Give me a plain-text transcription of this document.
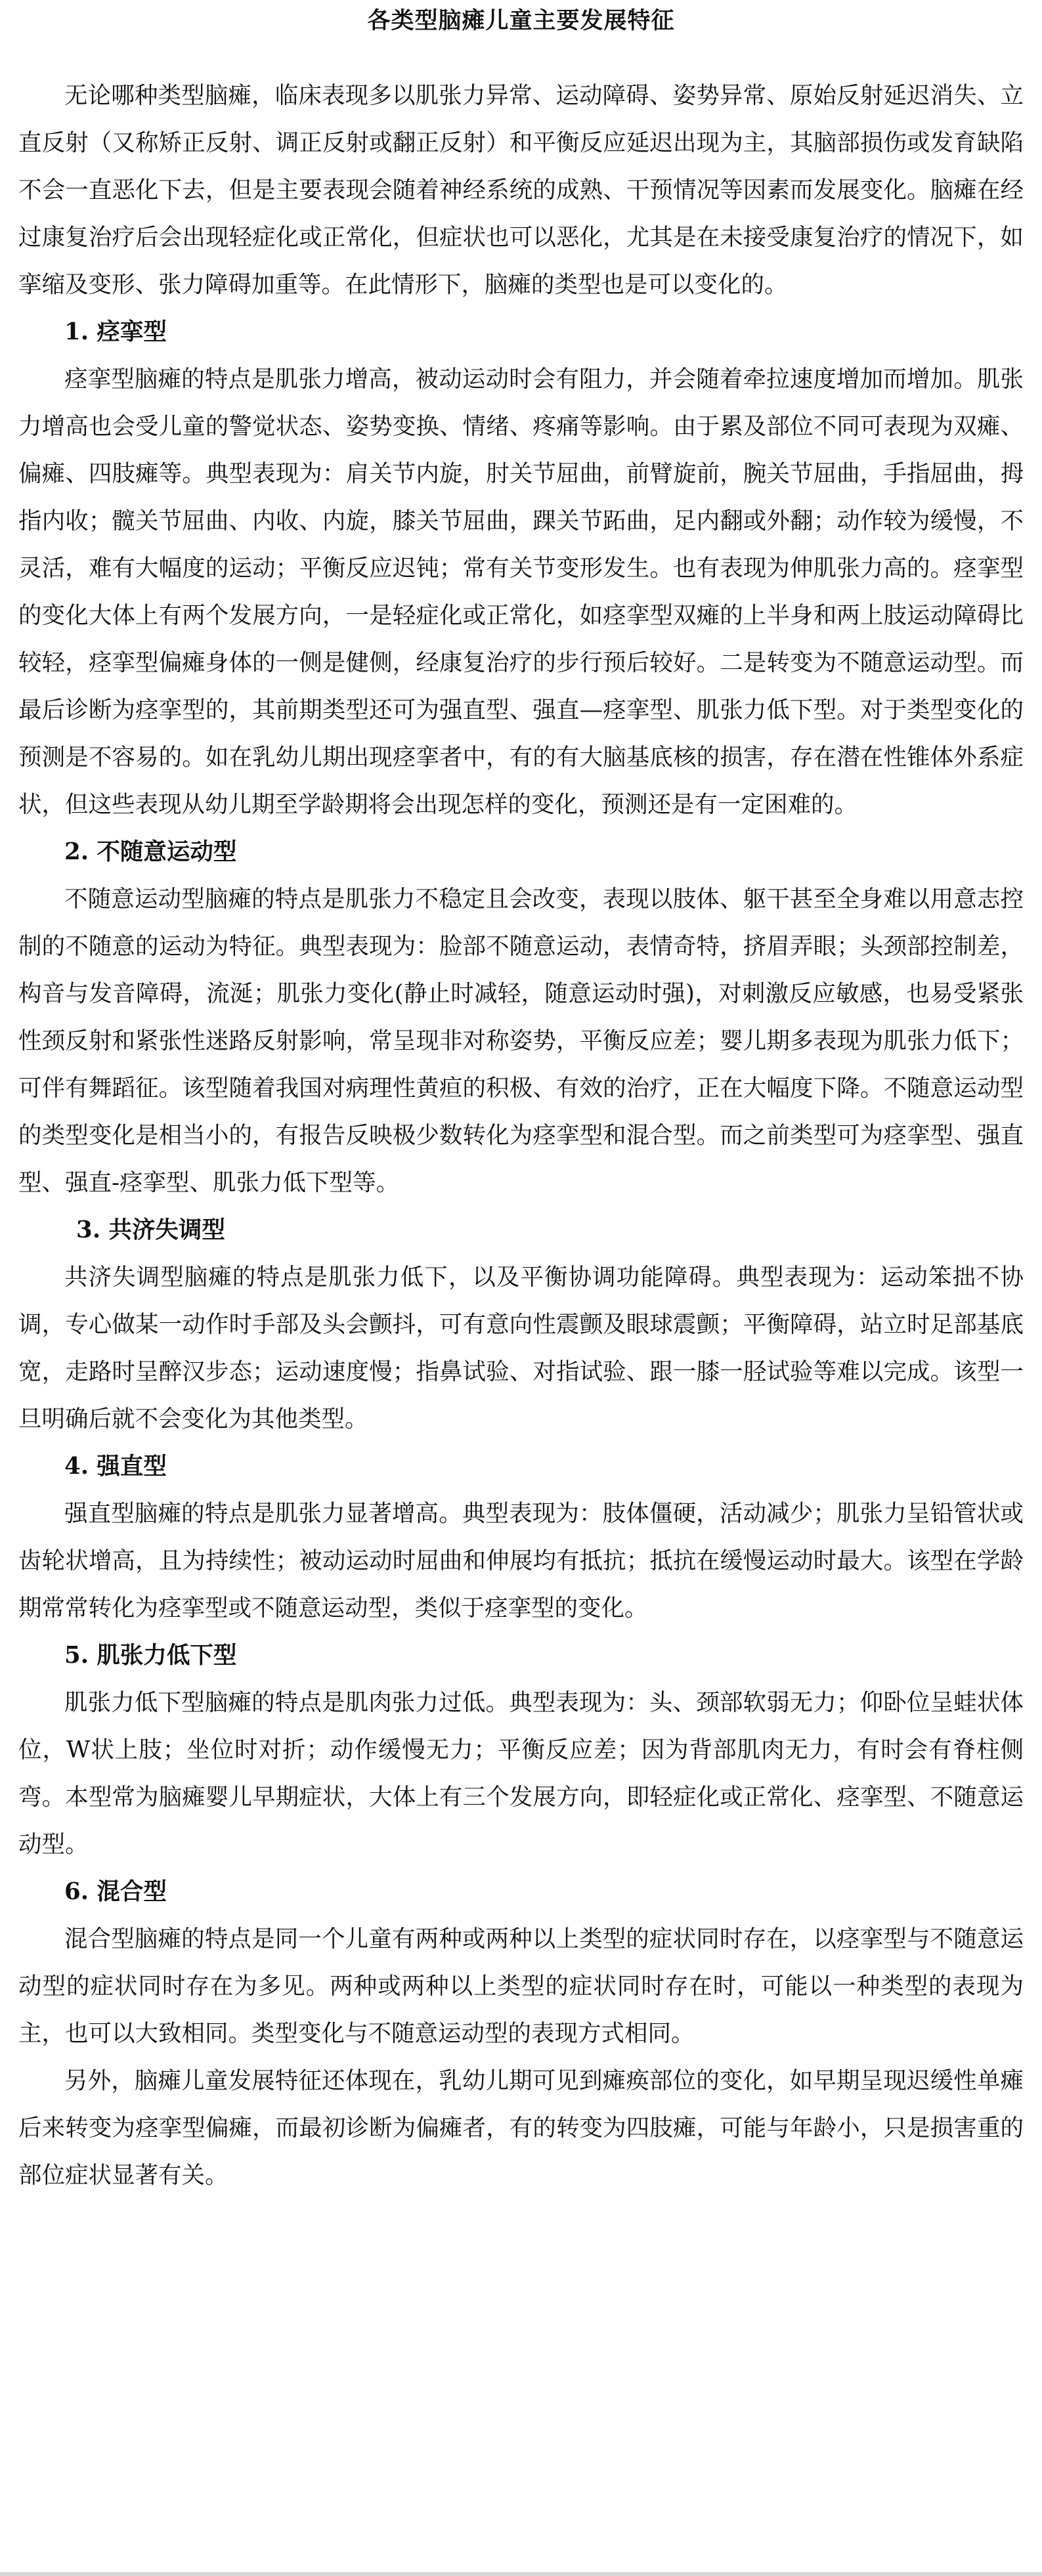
各类型脑瘫儿童主要发展特征

无论哪种类型脑瘫，临床表现多以肌张力异常、运动障碍、姿势异常、原始反射延迟消失、立直反射（又称矫正反射、调正反射或翻正反射）和平衡反应延迟出现为主，其脑部损伤或发育缺陷不会一直恶化下去，但是主要表现会随着神经系统的成熟、干预情况等因素而发展变化。脑瘫在经过康复治疗后会出现轻症化或正常化，但症状也可以恶化，尤其是在未接受康复治疗的情况下，如挛缩及变形、张力障碍加重等。在此情形下，脑瘫的类型也是可以变化的。

1. 痉挛型

痉挛型脑瘫的特点是肌张力增高，被动运动时会有阻力，并会随着牵拉速度增加而增加。肌张力增高也会受儿童的警觉状态、姿势变换、情绪、疼痛等影响。由于累及部位不同可表现为双瘫、偏瘫、四肢瘫等。典型表现为：肩关节内旋，肘关节屈曲，前臂旋前，腕关节屈曲，手指屈曲，拇指内收；髋关节屈曲、内收、内旋，膝关节屈曲，踝关节跖曲，足内翻或外翻；动作较为缓慢，不灵活，难有大幅度的运动；平衡反应迟钝；常有关节变形发生。也有表现为伸肌张力高的。痉挛型的变化大体上有两个发展方向，一是轻症化或正常化，如痉挛型双瘫的上半身和两上肢运动障碍比较轻，痉挛型偏瘫身体的一侧是健侧，经康复治疗的步行预后较好。二是转变为不随意运动型。而最后诊断为痉挛型的，其前期类型还可为强直型、强直—痉挛型、肌张力低下型。对于类型变化的预测是不容易的。如在乳幼儿期出现痉挛者中，有的有大脑基底核的损害，存在潜在性锥体外系症状，但这些表现从幼儿期至学龄期将会出现怎样的变化，预测还是有一定困难的。

2. 不随意运动型

不随意运动型脑瘫的特点是肌张力不稳定且会改变，表现以肢体、躯干甚至全身难以用意志控制的不随意的运动为特征。典型表现为：脸部不随意运动，表情奇特，挤眉弄眼；头颈部控制差，构音与发音障碍，流涎；肌张力变化(静止时减轻，随意运动时强)，对刺激反应敏感，也易受紧张性颈反射和紧张性迷路反射影响，常呈现非对称姿势，平衡反应差；婴儿期多表现为肌张力低下；可伴有舞蹈征。该型随着我国对病理性黄疸的积极、有效的治疗，正在大幅度下降。不随意运动型的类型变化是相当小的，有报告反映极少数转化为痉挛型和混合型。而之前类型可为痉挛型、强直型、强直-痉挛型、肌张力低下型等。

3. 共济失调型

共济失调型脑瘫的特点是肌张力低下，以及平衡协调功能障碍。典型表现为：运动笨拙不协调，专心做某一动作时手部及头会颤抖，可有意向性震颤及眼球震颤；平衡障碍，站立时足部基底宽，走路时呈醉汉步态；运动速度慢；指鼻试验、对指试验、跟一膝一胫试验等难以完成。该型一旦明确后就不会变化为其他类型。

4. 强直型

强直型脑瘫的特点是肌张力显著增高。典型表现为：肢体僵硬，活动减少；肌张力呈铅管状或齿轮状增高，且为持续性；被动运动时屈曲和伸展均有抵抗；抵抗在缓慢运动时最大。该型在学龄期常常转化为痉挛型或不随意运动型，类似于痉挛型的变化。

5. 肌张力低下型

肌张力低下型脑瘫的特点是肌肉张力过低。典型表现为：头、颈部软弱无力；仰卧位呈蛙状体位，W状上肢；坐位时对折；动作缓慢无力；平衡反应差；因为背部肌肉无力，有时会有脊柱侧弯。本型常为脑瘫婴儿早期症状，大体上有三个发展方向，即轻症化或正常化、痉挛型、不随意运动型。

6. 混合型

混合型脑瘫的特点是同一个儿童有两种或两种以上类型的症状同时存在，以痉挛型与不随意运动型的症状同时存在为多见。两种或两种以上类型的症状同时存在时，可能以一种类型的表现为主，也可以大致相同。类型变化与不随意运动型的表现方式相同。

另外，脑瘫儿童发展特征还体现在，乳幼儿期可见到瘫痪部位的变化，如早期呈现迟缓性单瘫后来转变为痉挛型偏瘫，而最初诊断为偏瘫者，有的转变为四肢瘫，可能与年龄小，只是损害重的部位症状显著有关。
